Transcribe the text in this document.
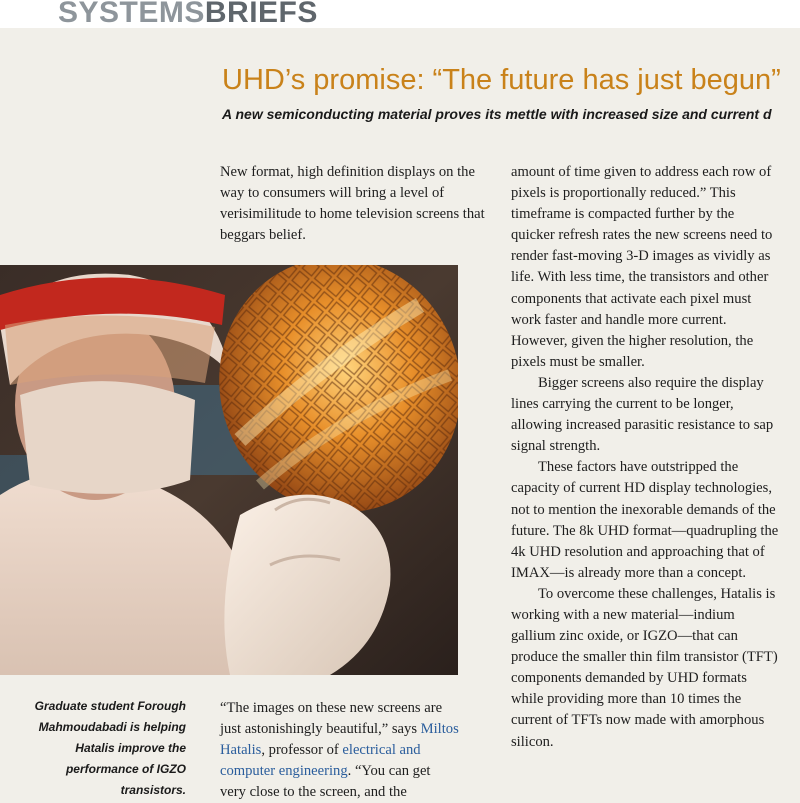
SYSTEMSBRIEFS
UHD’s promise: “The future has just begun”
A new semiconducting material proves its mettle with increased size and current d

New format, high definition displays on the way to consumers will bring a level of verisimilitude to home television screens that beggars belief.

amount of time given to address each row of pixels is proportionally reduced.” This timeframe is compacted further by the quicker refresh rates the new screens need to render fast-moving 3-D images as vividly as life. With less time, the transistors and other components that activate each pixel must work faster and handle more current. However, given the higher resolution, the pixels must be smaller.

Bigger screens also require the display lines carrying the current to be longer, allowing increased parasitic resistance to sap signal strength.

These factors have outstripped the capacity of current HD display technologies, not to mention the inexorable demands of the future. The 8k UHD format—quadrupling the 4k UHD resolution and approaching that of IMAX—is already more than a concept.

To overcome these challenges, Hatalis is working with a new material—indium gallium zinc oxide, or IGZO—that can produce the smaller thin film transistor (TFT) components demanded by UHD formats while providing more than 10 times the current of TFTs now made with amorphous silicon.

Graduate student Forough Mahmoudabadi is helping Hatalis improve the performance of IGZO transistors.

“The images on these new screens are just astonishingly beautiful,” says Miltos Hatalis, professor of electrical and computer engineering. “You can get very close to the screen, and the
